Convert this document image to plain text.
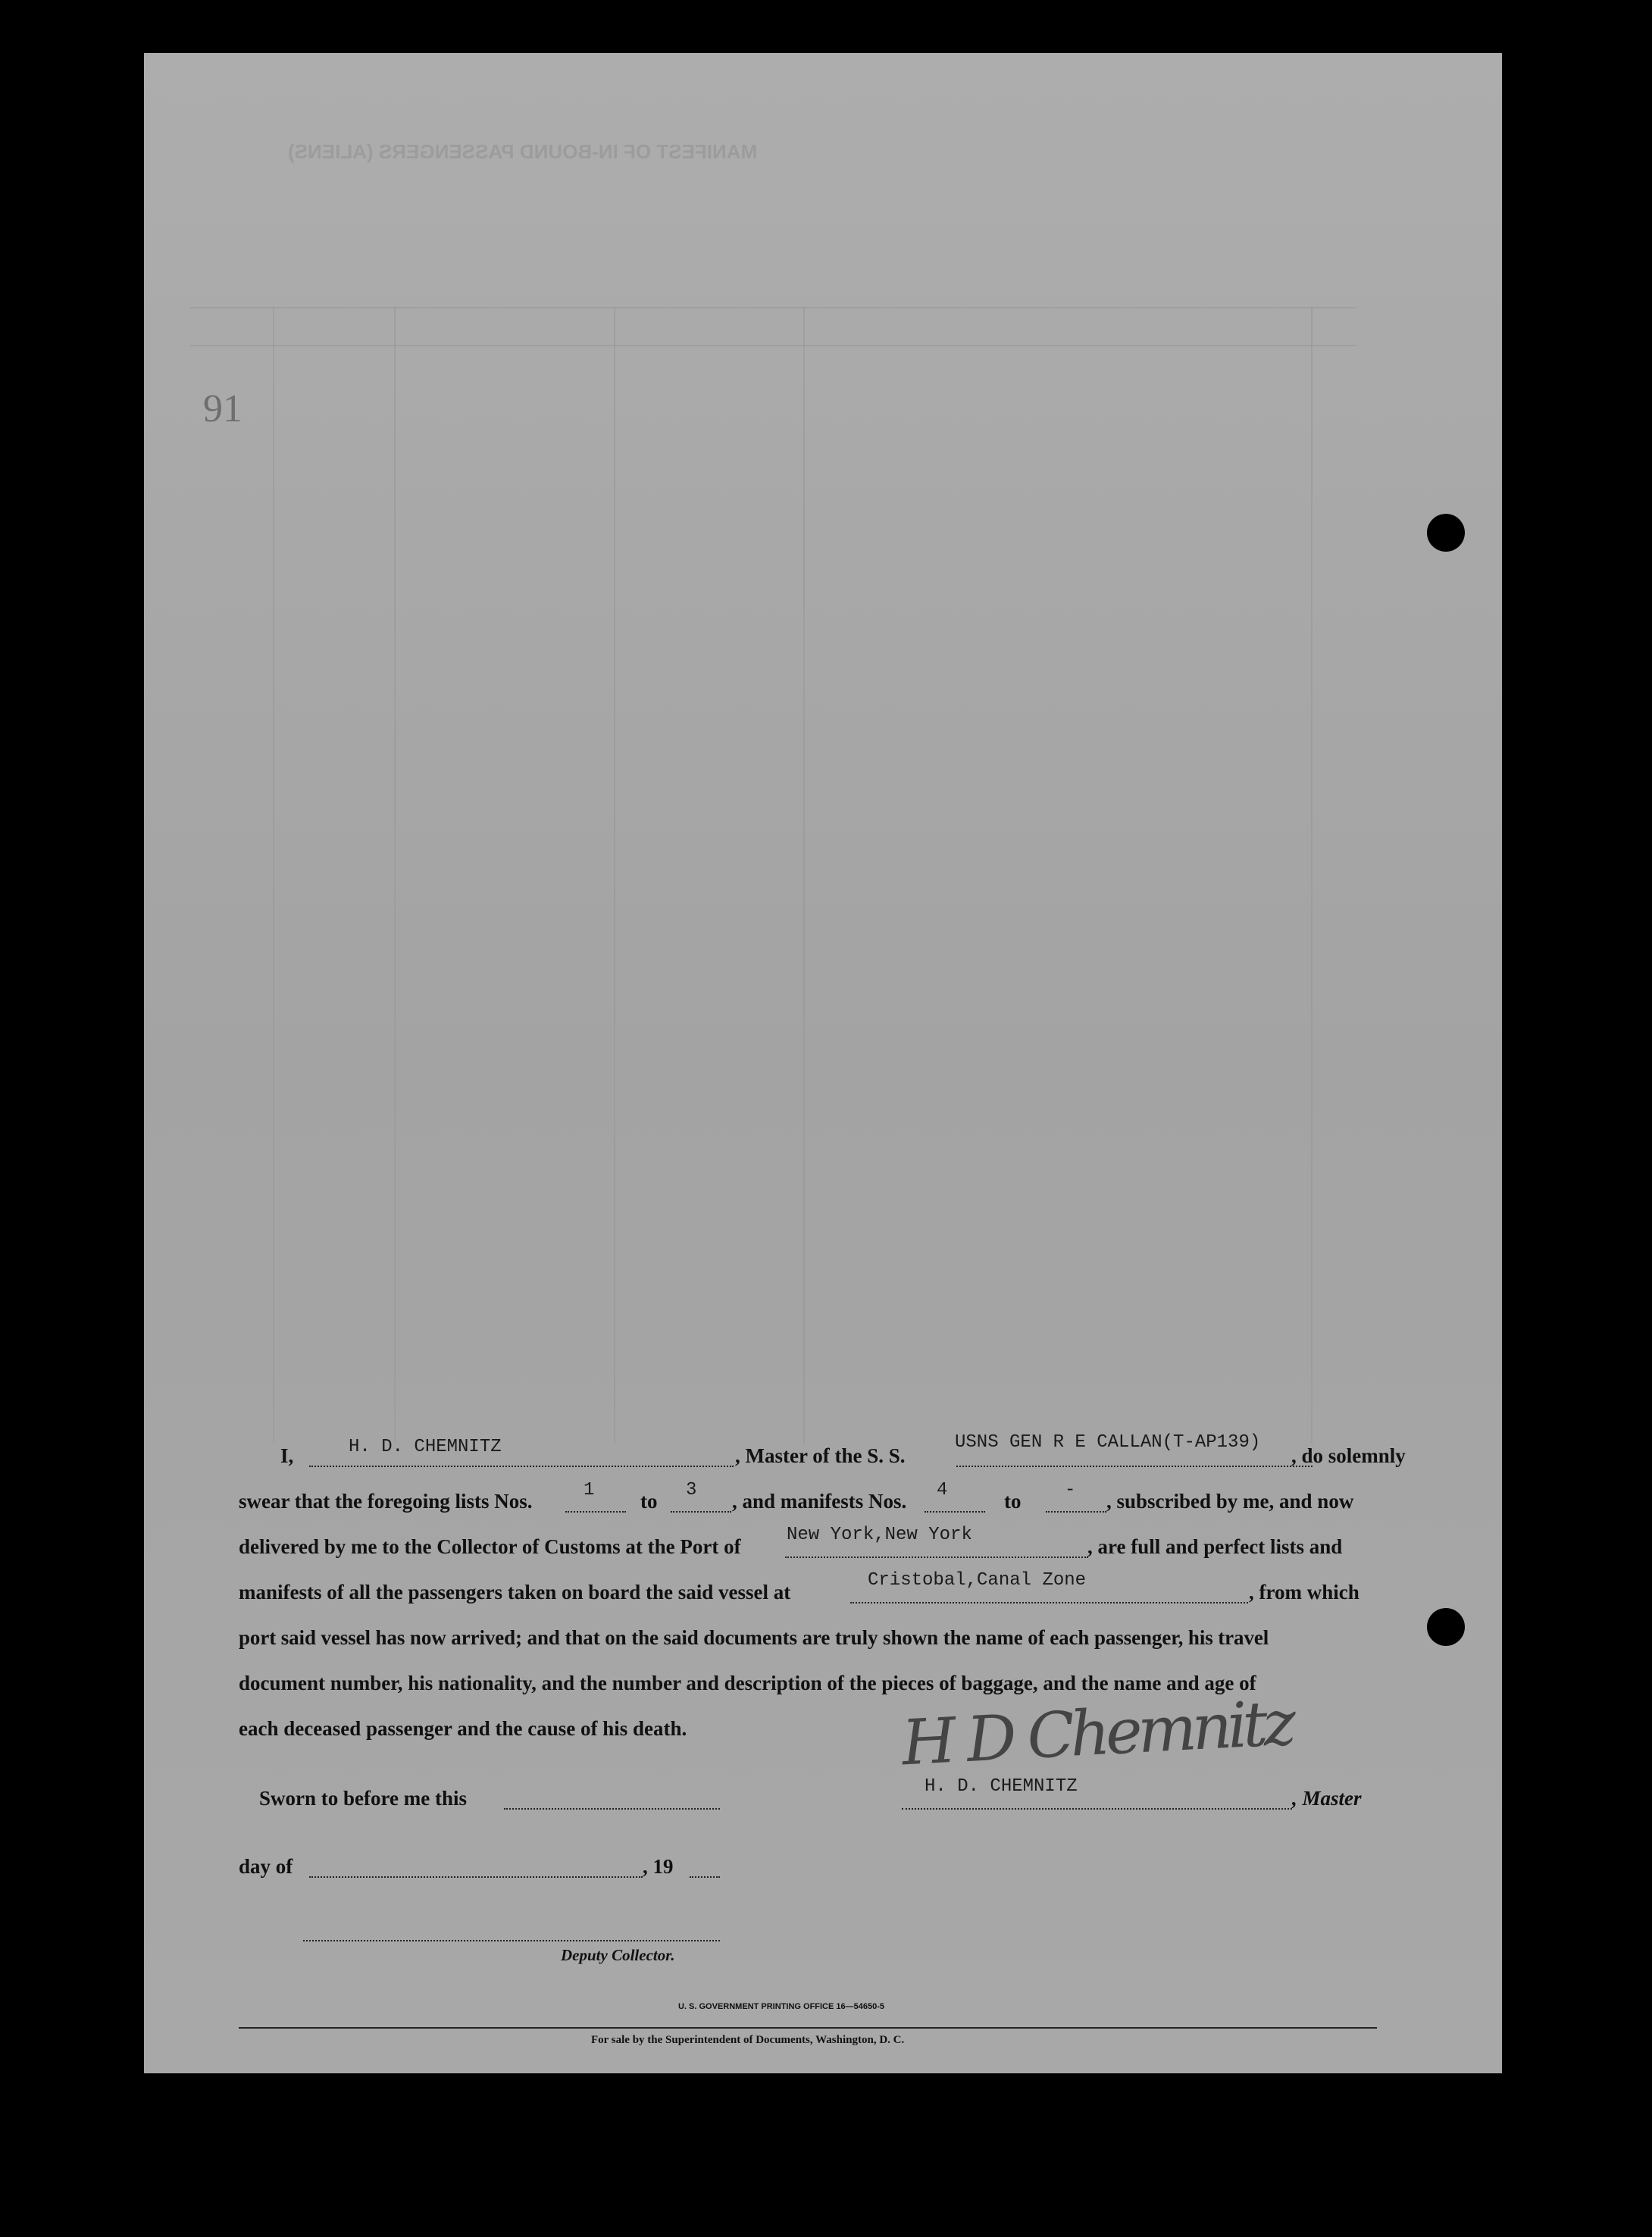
MANIFEST OF IN-BOUND PASSENGERS (ALIENS)
91
I,	H. D. CHEMNITZ	, Master of the S. S.
USNS GEN R E CALLAN(T-AP139)
, do solemnly
swear that the foregoing lists Nos.	1 to 3 , and manifests Nos. 4	to - , subscribed by me, and now
delivered by me to the Collector of Customs at the Port of
New York,New York
, are full and perfect lists and
manifests of all the passengers taken on board the said vessel at
Cristobal,Canal Zone
, from which
port said vessel has now arrived; and that on the said documents are truly shown the name of each passenger, his travel
document number, his nationality, and the number and description of the pieces of baggage, and the name and age of
each deceased passenger and the cause of his death.	H D Chemnitz
H. D. CHEMNITZ
, Master
Sworn to before me this
day of	, 19
Deputy Collector.
U. S. GOVERNMENT PRINTING OFFICE 16—54650-5
For sale by the Superintendent of Documents, Washington, D. C.
